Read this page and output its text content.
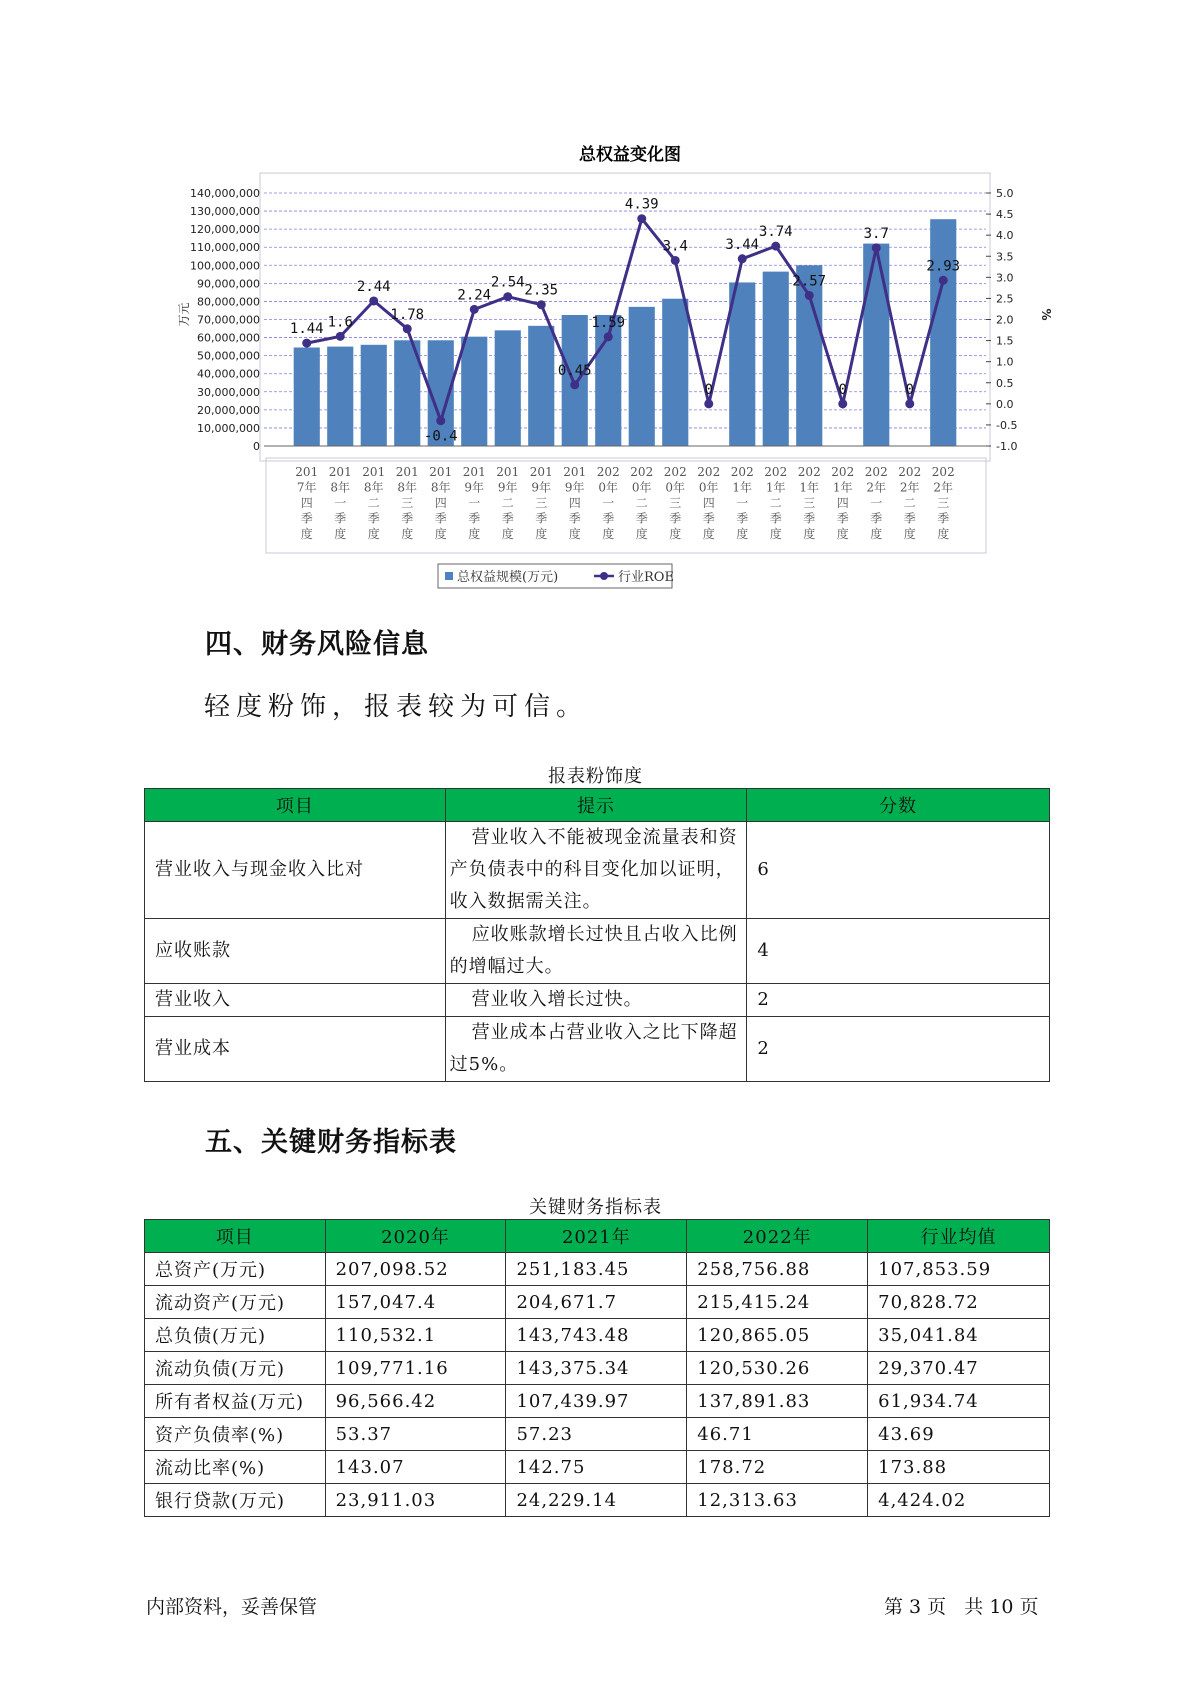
总权益变化图
140,000,000
130,000,000
120,000,000
110,000,000
100,000,000
90,000,000
80,000,000
70,000,000
60,000,000
50,000,000
40,000,000
30,000,000
20,000,000
10,000,000
0
5.0
4.5
4.0
3.5
3.0
2.5
2.0
1.5
1.0
0.5
0.0
-0.5
-1.0
万元	%
201
7年
四
季
度
201
8年
一
季
度
201
8年
二
季
度
201
8年
三
季
度
201
8年
四
季
度
201
9年
一
季
度
201
9年
二
季
度
201
9年
三
季
度
201
9年
四
季
度
202
0年
一
季
度
202
0年
二
季
度
202
0年
三
季
度
202
0年
四
季
度
202
1年
一
季
度
202
1年
二
季
度
202
1年
三
季
度
202
1年
四
季
度
202
2年
一
季
度
202
2年
二
季
度
202
2年
三
季
度
1.44 1.6
2.44
1.78
-0.4
2.24
2.54
2.35
0.45
1.59
4.39
3.4
0
3.44
3.74
2.57
0
3.7
0
2.93
总权益规模(万元)	行业ROE
四、财务风险信息
轻度粉饰，报表较为可信。
报表粉饰度
项目	提示	分数
营业收入与现金收入比对	营业收入不能被现金流量表和资产负债表中的科目变化加以证明，收入数据需关注。	6
应收账款	应收账款增长过快且占收入比例的增幅过大。	4
营业收入	营业收入增长过快。	2
营业成本	营业成本占营业收入之比下降超过5%。	2
五、关键财务指标表
关键财务指标表
项目	2020年	2021年	2022年	行业均值
总资产(万元)	207,098.52	251,183.45	258,756.88	107,853.59
流动资产(万元)	157,047.4	204,671.7	215,415.24	70,828.72
总负债(万元)	110,532.1	143,743.48	120,865.05	35,041.84
流动负债(万元)	109,771.16	143,375.34	120,530.26	29,370.47
所有者权益(万元)	96,566.42	107,439.97	137,891.83	61,934.74
资产负债率(%)	53.37	57.23	46.71	43.69
流动比率(%)	143.07	142.75	178.72	173.88
银行贷款(万元)	23,911.03	24,229.14	12,313.63	4,424.02
内部资料，妥善保管	第 3 页   共 10 页
